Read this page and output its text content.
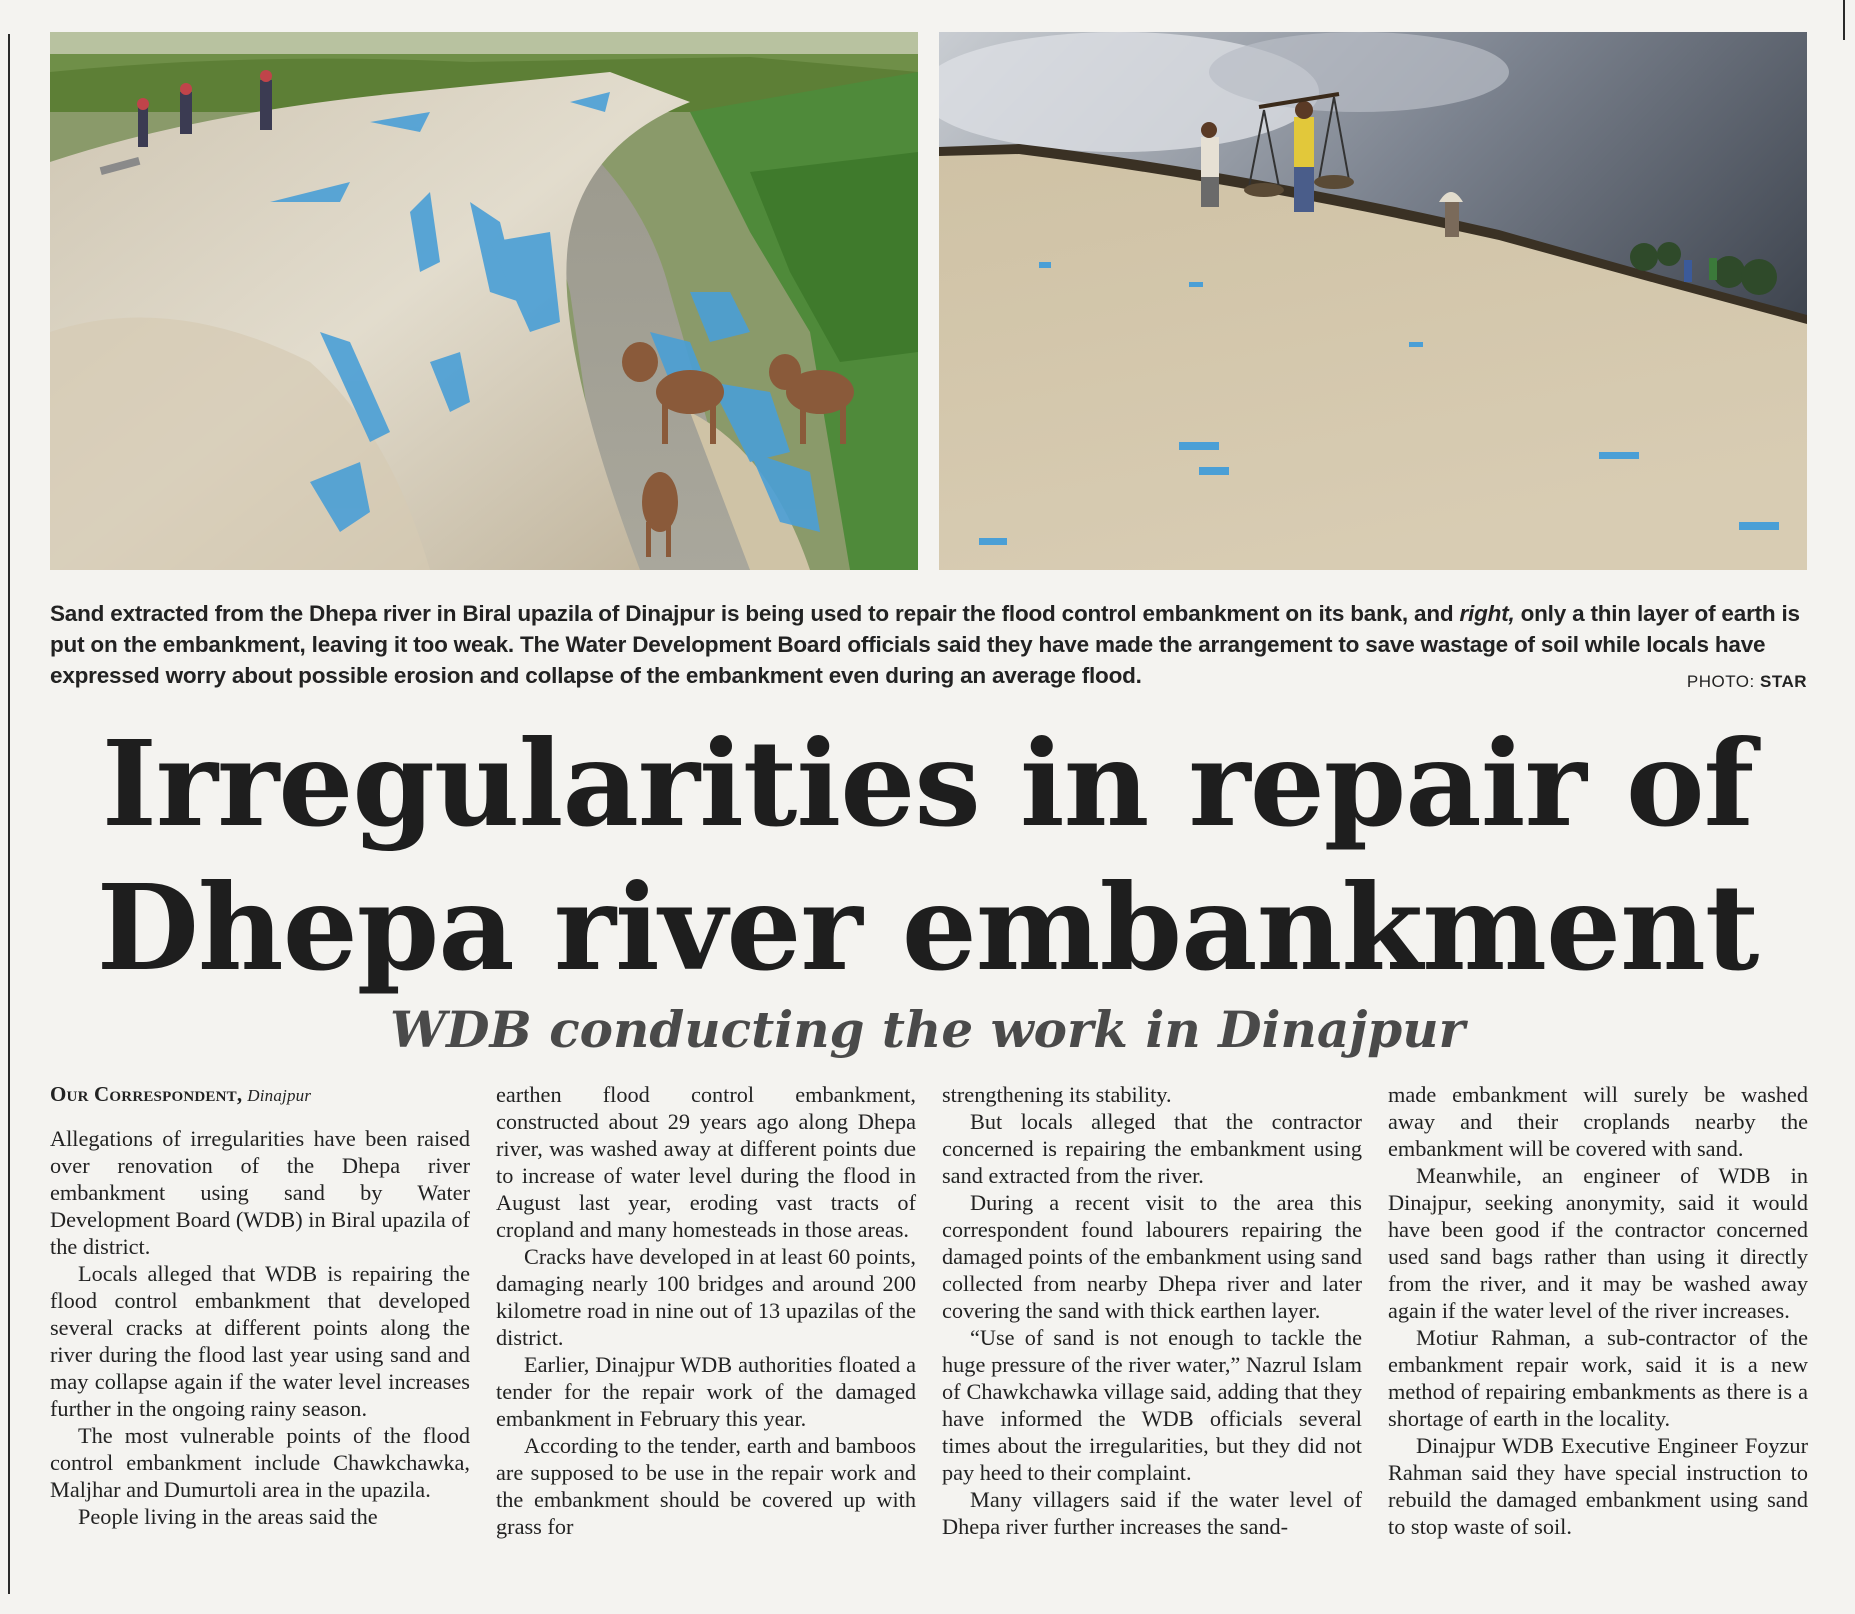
Sand extracted from the Dhepa river in Biral upazila of Dinajpur is being used to repair the flood control embankment on its bank, and right, only a thin layer of earth is put on the embankment, leaving it too weak. The Water Development Board officials said they have made the arrangement to save wastage of soil while locals have expressed worry about possible erosion and collapse of the embankment even during an average flood.	PHOTO: STAR
Irregularities in repair of Dhepa river embankment
WDB conducting the work in Dinajpur
Our Correspondent, Dinajpur

Allegations of irregularities have been raised over renovation of the Dhepa river embankment using sand by Water Development Board (WDB) in Biral upazila of the district.

Locals alleged that WDB is repairing the flood control embankment that developed several cracks at different points along the river during the flood last year using sand and may collapse again if the water level increases further in the ongoing rainy season.

The most vulnerable points of the flood control embankment include Chawkchawka, Maljhar and Dumurtoli area in the upazila.

People living in the areas said the

earthen flood control embankment, constructed about 29 years ago along Dhepa river, was washed away at different points due to increase of water level during the flood in August last year, eroding vast tracts of cropland and many homesteads in those areas.

Cracks have developed in at least 60 points, damaging nearly 100 bridges and around 200 kilometre road in nine out of 13 upazilas of the district.

Earlier, Dinajpur WDB authorities floated a tender for the repair work of the damaged embankment in February this year.

According to the tender, earth and bamboos are supposed to be use in the repair work and the embankment should be covered up with grass for

strengthening its stability.

But locals alleged that the contractor concerned is repairing the embankment using sand extracted from the river.

During a recent visit to the area this correspondent found labourers repairing the damaged points of the embankment using sand collected from nearby Dhepa river and later covering the sand with thick earthen layer.

“Use of sand is not enough to tackle the huge pressure of the river water,” Nazrul Islam of Chawkchawka village said, adding that they have informed the WDB officials several times about the irregularities, but they did not pay heed to their complaint.

Many villagers said if the water level of Dhepa river further increases the sand-

made embankment will surely be washed away and their croplands nearby the embankment will be covered with sand.

Meanwhile, an engineer of WDB in Dinajpur, seeking anonymity, said it would have been good if the contractor concerned used sand bags rather than using it directly from the river, and it may be washed away again if the water level of the river increases.

Motiur Rahman, a sub-contractor of the embankment repair work, said it is a new method of repairing embankments as there is a shortage of earth in the locality.

Dinajpur WDB Executive Engineer Foyzur Rahman said they have special instruction to rebuild the damaged embankment using sand to stop waste of soil.
